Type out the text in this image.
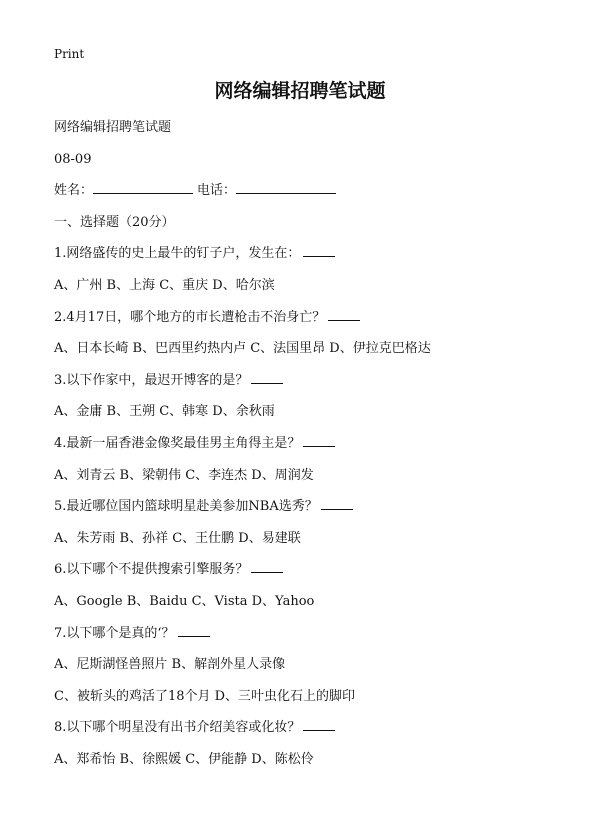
Print
网络编辑招聘笔试题
网络编辑招聘笔试题
08-09
姓名：	电话：
一、选择题（20分）
1.网络盛传的史上最牛的钉子户，发生在：
A、广州 B、上海 C、重庆 D、哈尔滨
2.4月17日，哪个地方的市长遭枪击不治身亡？
A、日本长崎 B、巴西里约热内卢 C、法国里昂 D、伊拉克巴格达
3.以下作家中，最迟开博客的是？
A、金庸 B、王朔 C、韩寒 D、余秋雨
4.最新一届香港金像奖最佳男主角得主是？
A、刘青云 B、梁朝伟 C、李连杰 D、周润发
5.最近哪位国内篮球明星赴美参加NBA选秀？
A、朱芳雨 B、孙祥 C、王仕鹏 D、易建联
6.以下哪个不提供搜索引擎服务？
A、Google B、Baidu C、Vista D、Yahoo
7.以下哪个是真的‘？
A、尼斯湖怪兽照片 B、解剖外星人录像
C、被斩头的鸡活了18个月 D、三叶虫化石上的脚印
8.以下哪个明星没有出书介绍美容或化妆？
A、郑希怡 B、徐熙媛 C、伊能静 D、陈松伶
